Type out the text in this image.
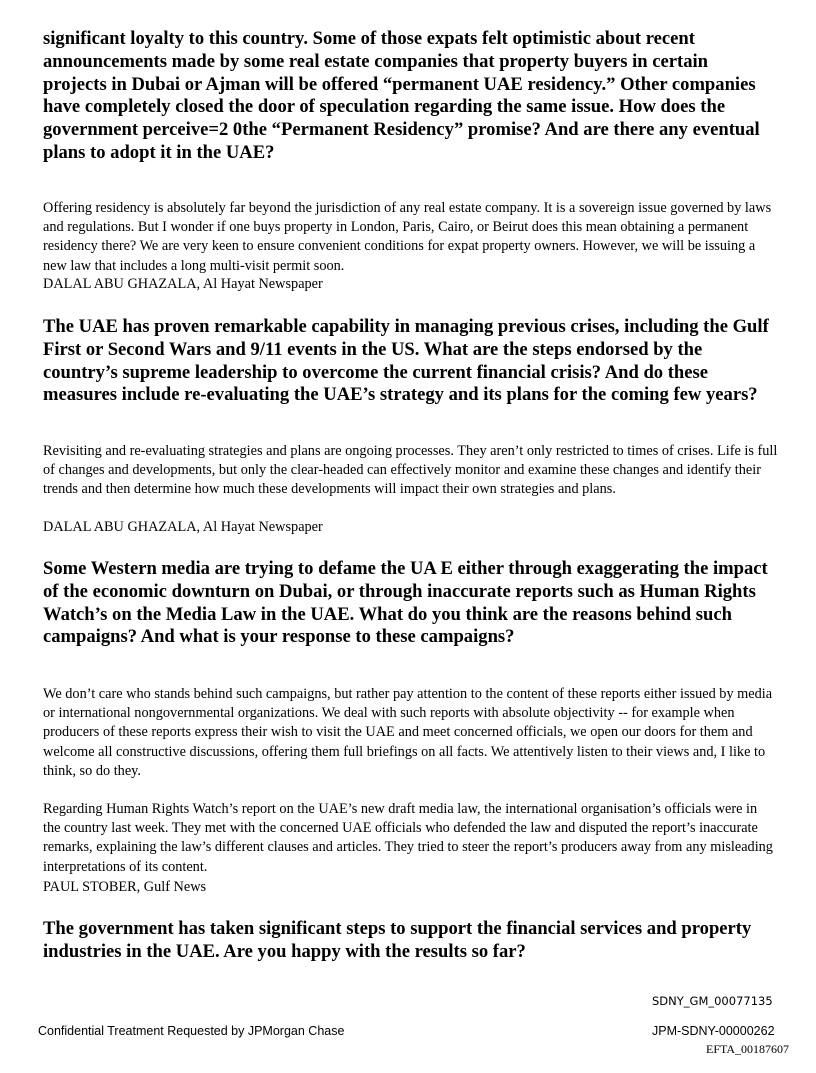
significant loyalty to this country. Some of those expats felt optimistic about recent announcements made by some real estate companies that property buyers in certain projects in Dubai or Ajman will be offered “permanent UAE residency.” Other companies have completely closed the door of speculation regarding the same issue. How does the government perceive=2 0the “Permanent Residency” promise? And are there any eventual plans to adopt it in the UAE?

Offering residency is absolutely far beyond the jurisdiction of any real estate company. It is a sovereign issue governed by laws and regulations. But I wonder if one buys property in London, Paris, Cairo, or Beirut does this mean obtaining a permanent residency there? We are very keen to ensure convenient conditions for expat property owners. However, we will be issuing a new law that includes a long multi-visit permit soon.

DALAL ABU GHAZALA, Al Hayat Newspaper

The UAE has proven remarkable capability in managing previous crises, including the Gulf First or Second Wars and 9/11 events in the US. What are the steps endorsed by the country’s supreme leadership to overcome the current financial crisis? And do these measures include re-evaluating the UAE’s strategy and its plans for the coming few years?

Revisiting and re-evaluating strategies and plans are ongoing processes. They aren’t only restricted to times of crises. Life is full of changes and developments, but only the clear-headed can effectively monitor and examine these changes and identify their trends and then determine how much these developments will impact their own strategies and plans.

DALAL ABU GHAZALA, Al Hayat Newspaper

Some Western media are trying to defame the UA E either through exaggerating the impact of the economic downturn on Dubai, or through inaccurate reports such as Human Rights Watch’s on the Media Law in the UAE. What do you think are the reasons behind such campaigns? And what is your response to these campaigns?

We don’t care who stands behind such campaigns, but rather pay attention to the content of these reports either issued by media or international nongovernmental organizations. We deal with such reports with absolute objectivity -- for example when producers of these reports express their wish to visit the UAE and meet concerned officials, we open our doors for them and welcome all constructive discussions, offering them full briefings on all facts. We attentively listen to their views and, I like to think, so do they.

Regarding Human Rights Watch’s report on the UAE’s new draft media law, the international organisation’s officials were in the country last week. They met with the concerned UAE officials who defended the law and disputed the report’s inaccurate remarks, explaining the law’s different clauses and articles. They tried to steer the report’s producers away from any misleading interpretations of its content.

PAUL STOBER, Gulf News

The government has taken significant steps to support the financial services and property industries in the UAE. Are you happy with the results so far?

SDNY_GM_00077135
Confidential Treatment Requested by JPMorgan Chase	JPM-SDNY-00000262
EFTA_00187607
